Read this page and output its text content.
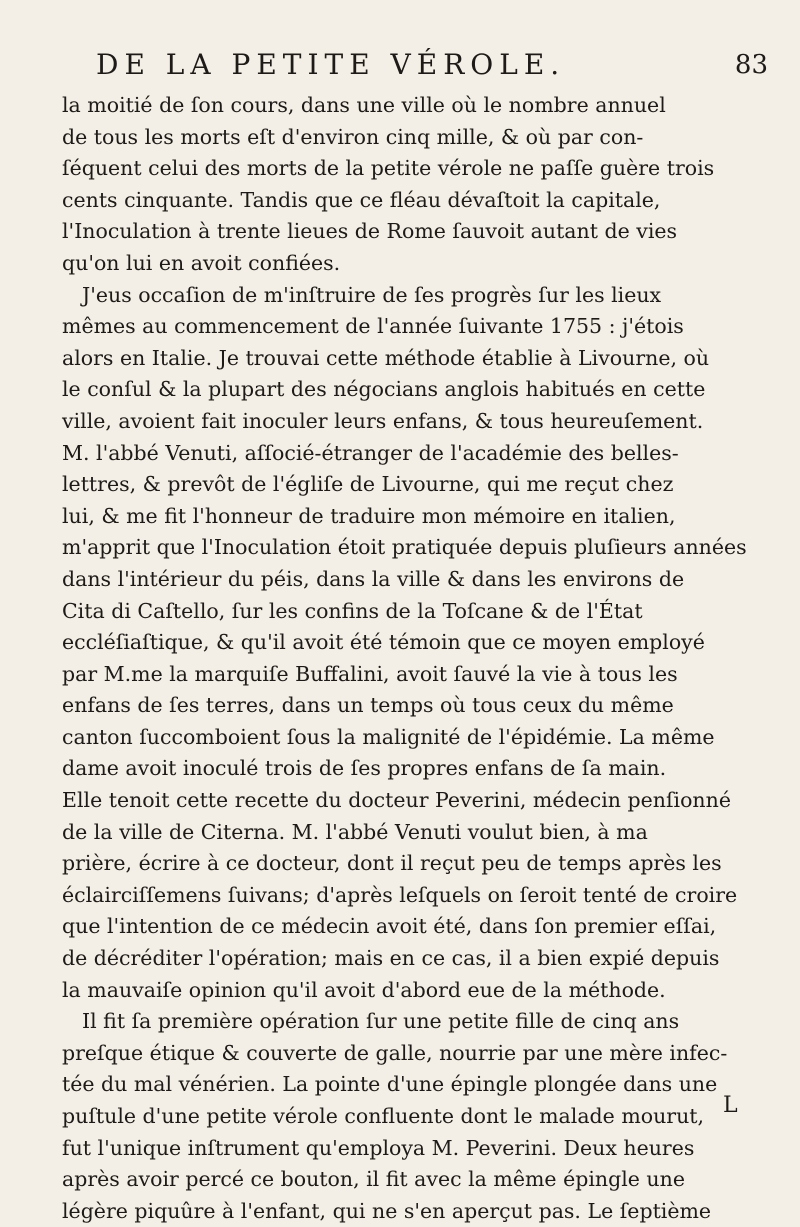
DE LA PETITE VÉROLE.	83
la moitié de ſon cours, dans une ville où le nombre annuel
de tous les morts eſt d'environ cinq mille, & où par con-
ſéquent celui des morts de la petite vérole ne paſſe guère trois
cents cinquante. Tandis que ce fléau dévaſtoit la capitale,
l'Inoculation à trente lieues de Rome ſauvoit autant de vies
qu'on lui en avoit confiées.
J'eus occaſion de m'inſtruire de ſes progrès ſur les lieux
mêmes au commencement de l'année ſuivante 1755 : j'étois
alors en Italie. Je trouvai cette méthode établie à Livourne, où
le conſul & la plupart des négocians anglois habitués en cette
ville, avoient fait inoculer leurs enfans, & tous heureuſement.
M. l'abbé Venuti, aſſocié-étranger de l'académie des belles-
lettres, & prevôt de l'égliſe de Livourne, qui me reçut chez
lui, & me fit l'honneur de traduire mon mémoire en italien,
m'apprit que l'Inoculation étoit pratiquée depuis pluſieurs années
dans l'intérieur du péis, dans la ville & dans les environs de
Cita di Caſtello, ſur les confins de la Toſcane & de l'État
eccléſiaſtique, & qu'il avoit été témoin que ce moyen employé
par M.me la marquiſe Buffalini, avoit ſauvé la vie à tous les
enfans de ſes terres, dans un temps où tous ceux du même
canton ſuccomboient ſous la malignité de l'épidémie. La même
dame avoit inoculé trois de ſes propres enfans de ſa main.
Elle tenoit cette recette du docteur Peverini, médecin penſionné
de la ville de Citerna. M. l'abbé Venuti voulut bien, à ma
prière, écrire à ce docteur, dont il reçut peu de temps après les
éclairciſſemens ſuivans; d'après leſquels on ſeroit tenté de croire
que l'intention de ce médecin avoit été, dans ſon premier eſſai,
de décréditer l'opération; mais en ce cas, il a bien expié depuis
la mauvaiſe opinion qu'il avoit d'abord eue de la méthode.
Il fit ſa première opération ſur une petite fille de cinq ans
preſque étique & couverte de galle, nourrie par une mère infec-
tée du mal vénérien. La pointe d'une épingle plongée dans une
puſtule d'une petite vérole confluente dont le malade mourut,
fut l'unique inſtrument qu'employa M. Peverini. Deux heures
après avoir percé ce bouton, il fit avec la même épingle une
légère piquûre à l'enfant, qui ne s'en aperçut pas. Le ſeptième
L
